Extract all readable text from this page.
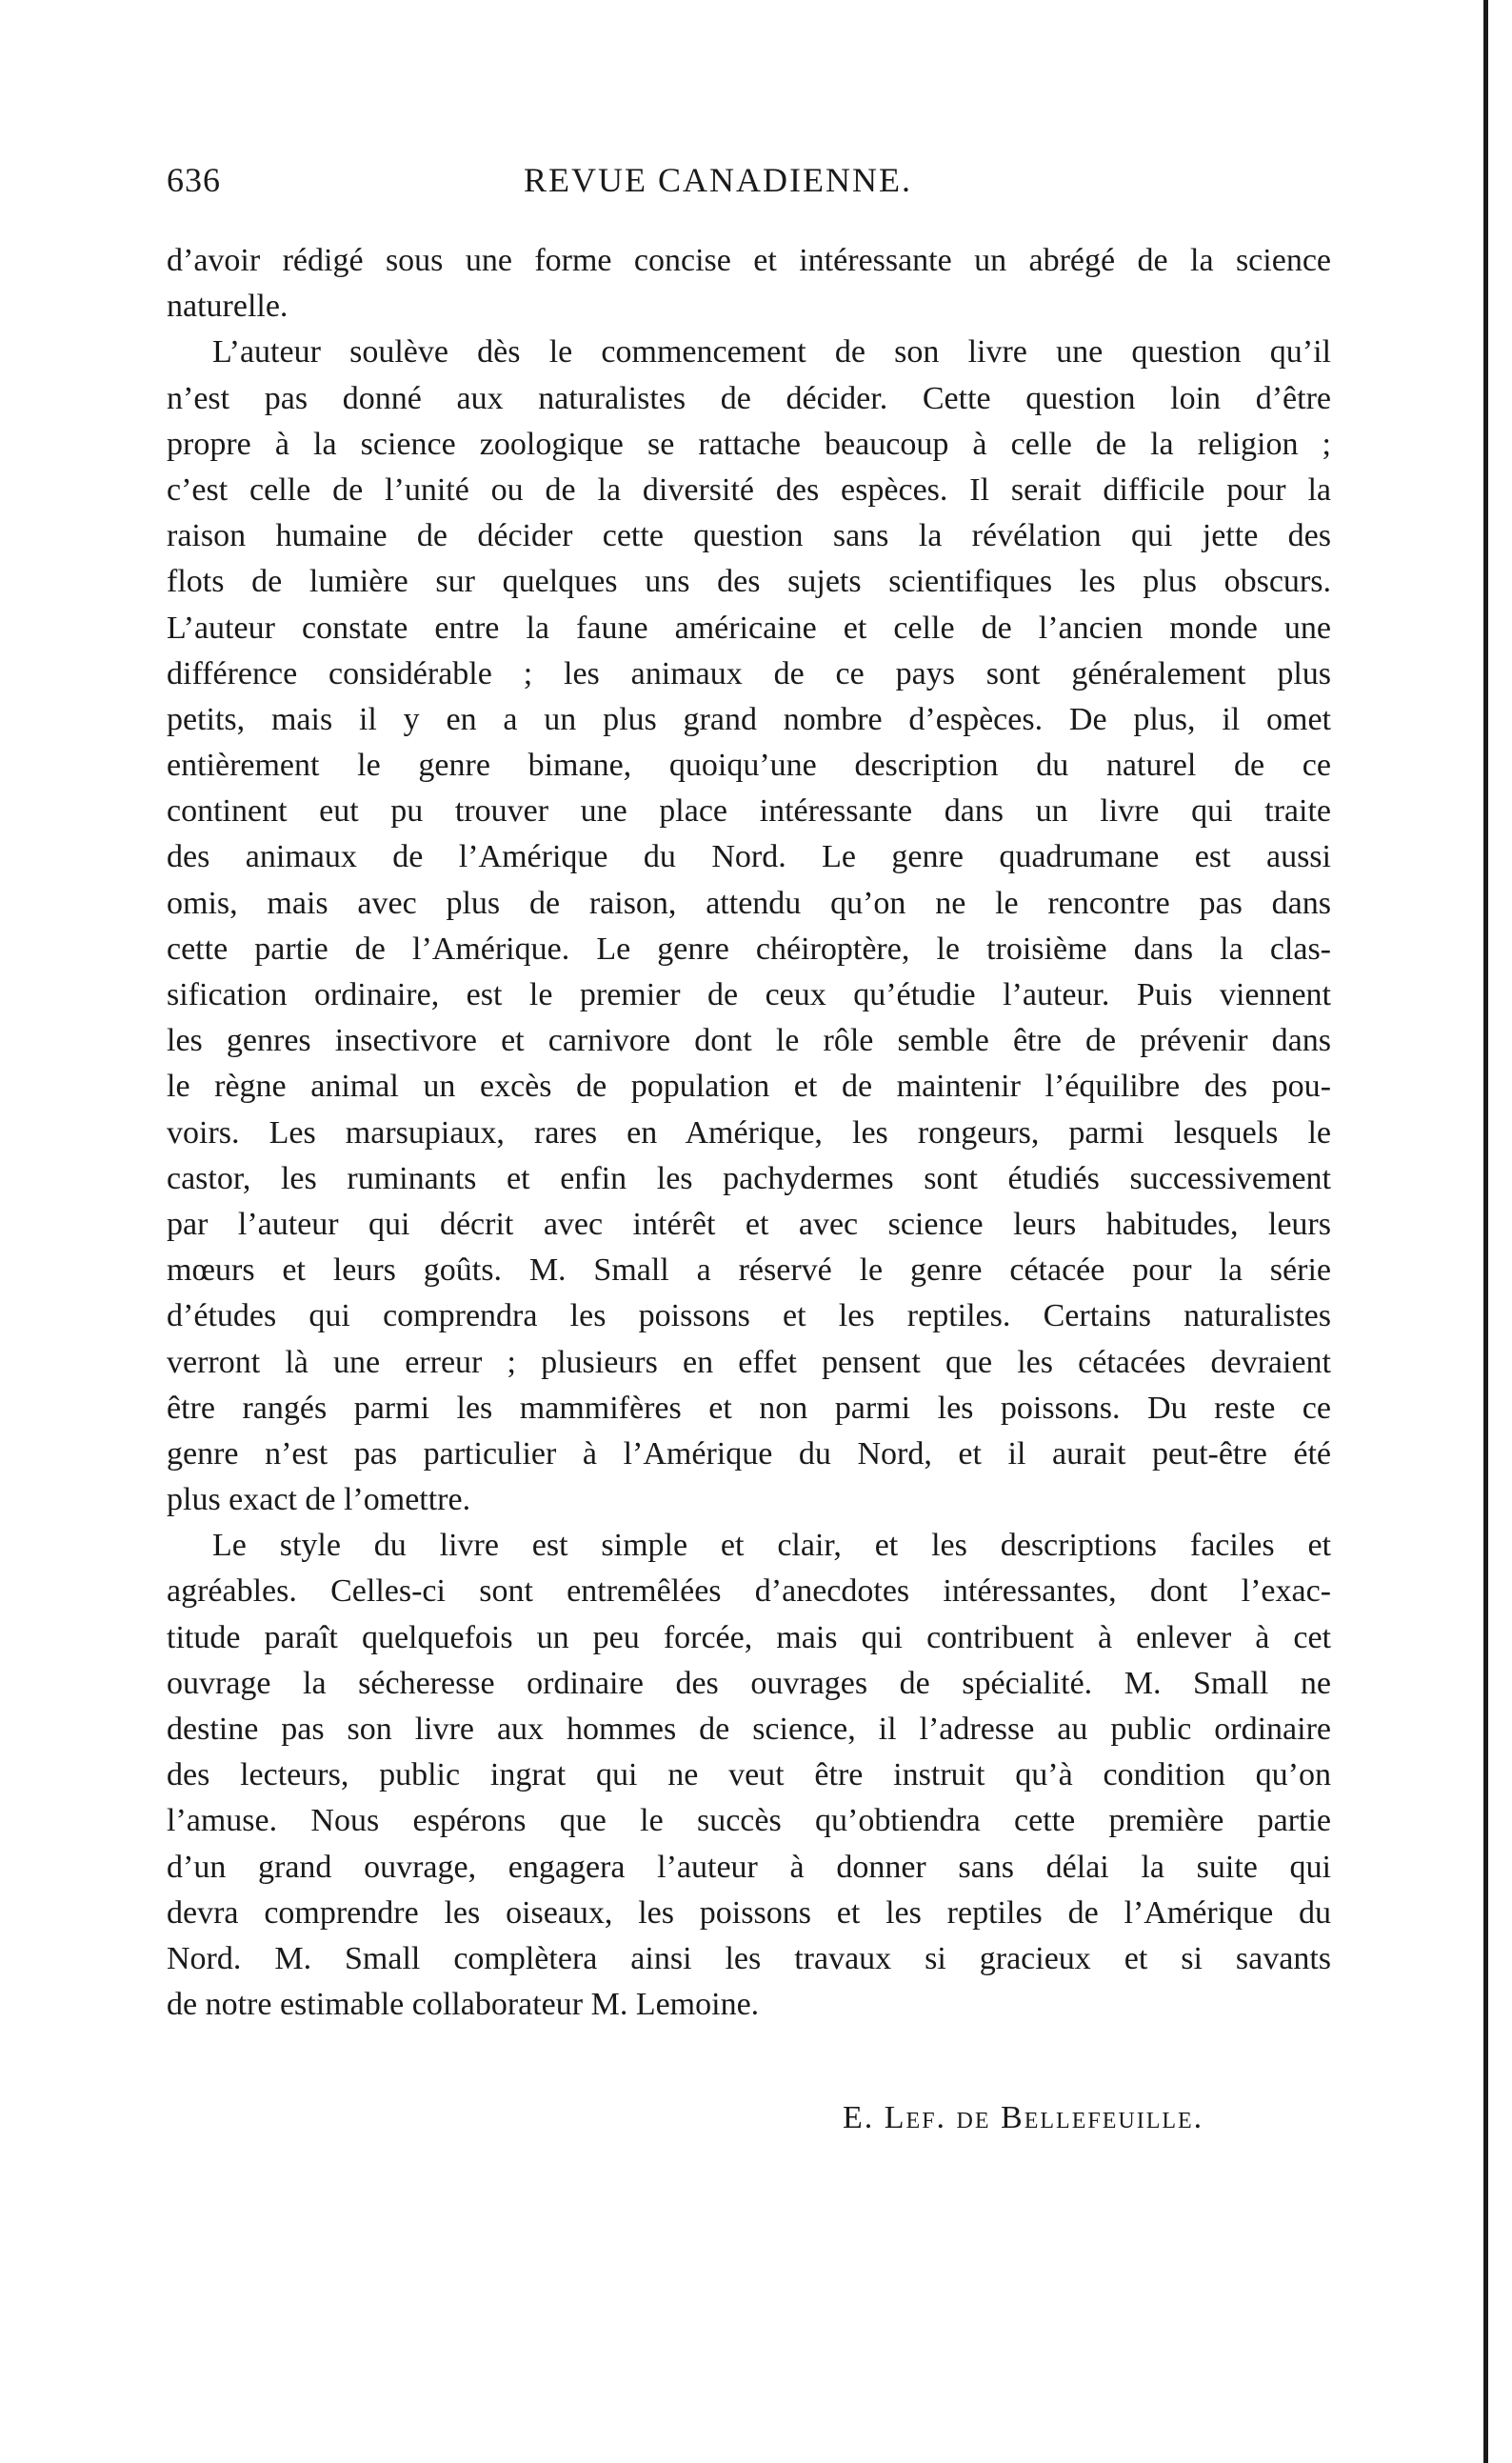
636	REVUE CANADIENNE.
d’avoir rédigé sous une forme concise et intéressante un abrégé de la science
naturelle.
L’auteur soulève dès le commencement de son livre une question qu’il
n’est pas donné aux naturalistes de décider. Cette question loin d’être
propre à la science zoologique se rattache beaucoup à celle de la religion ;
c’est celle de l’unité ou de la diversité des espèces. Il serait difficile pour la
raison humaine de décider cette question sans la révélation qui jette des
flots de lumière sur quelques uns des sujets scientifiques les plus obscurs.
L’auteur constate entre la faune américaine et celle de l’ancien monde une
différence considérable ; les animaux de ce pays sont généralement plus
petits, mais il y en a un plus grand nombre d’espèces. De plus, il omet
entièrement le genre bimane, quoiqu’une description du naturel de ce
continent eut pu trouver une place intéressante dans un livre qui traite
des animaux de l’Amérique du Nord. Le genre quadrumane est aussi
omis, mais avec plus de raison, attendu qu’on ne le rencontre pas dans
cette partie de l’Amérique. Le genre chéiroptère, le troisième dans la clas-
sification ordinaire, est le premier de ceux qu’étudie l’auteur. Puis viennent
les genres insectivore et carnivore dont le rôle semble être de prévenir dans
le règne animal un excès de population et de maintenir l’équilibre des pou-
voirs. Les marsupiaux, rares en Amérique, les rongeurs, parmi lesquels le
castor, les ruminants et enfin les pachydermes sont étudiés successivement
par l’auteur qui décrit avec intérêt et avec science leurs habitudes, leurs
mœurs et leurs goûts. M. Small a réservé le genre cétacée pour la série
d’études qui comprendra les poissons et les reptiles. Certains naturalistes
verront là une erreur ; plusieurs en effet pensent que les cétacées devraient
être rangés parmi les mammifères et non parmi les poissons. Du reste ce
genre n’est pas particulier à l’Amérique du Nord, et il aurait peut-être été
plus exact de l’omettre.
Le style du livre est simple et clair, et les descriptions faciles et
agréables. Celles-ci sont entremêlées d’anecdotes intéressantes, dont l’exac-
titude paraît quelquefois un peu forcée, mais qui contribuent à enlever à cet
ouvrage la sécheresse ordinaire des ouvrages de spécialité. M. Small ne
destine pas son livre aux hommes de science, il l’adresse au public ordinaire
des lecteurs, public ingrat qui ne veut être instruit qu’à condition qu’on
l’amuse. Nous espérons que le succès qu’obtiendra cette première partie
d’un grand ouvrage, engagera l’auteur à donner sans délai la suite qui
devra comprendre les oiseaux, les poissons et les reptiles de l’Amérique du
Nord. M. Small complètera ainsi les travaux si gracieux et si savants
de notre estimable collaborateur M. Lemoine.
E. Lef. de Bellefeuille.
